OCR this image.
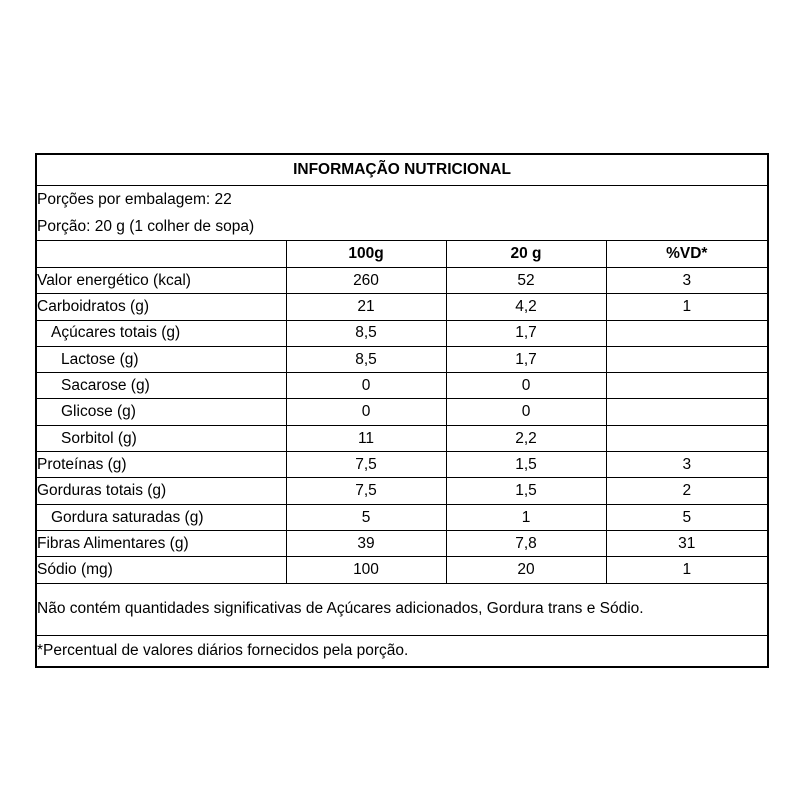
INFORMAÇÃO NUTRICIONAL			
Porções por embalagem: 22			
Porção: 20 g (1 colher de sopa)			
	100g	20 g	%VD*
Valor energético (kcal)	260	52	3
Carboidratos (g)	21	4,2	1
Açúcares totais (g)	8,5	1,7	
Lactose (g)	8,5	1,7	
Sacarose (g)	0	0	
Glicose (g)	0	0	
Sorbitol (g)	11	2,2	
Proteínas (g)	7,5	1,5	3
Gorduras totais (g)	7,5	1,5	2
Gordura saturadas (g)	5	1	5
Fibras Alimentares (g)	39	7,8	31
Sódio (mg)	100	20	1
Não contém quantidades significativas de Açúcares adicionados, Gordura trans e Sódio.			
*Percentual de valores diários fornecidos pela porção.			
